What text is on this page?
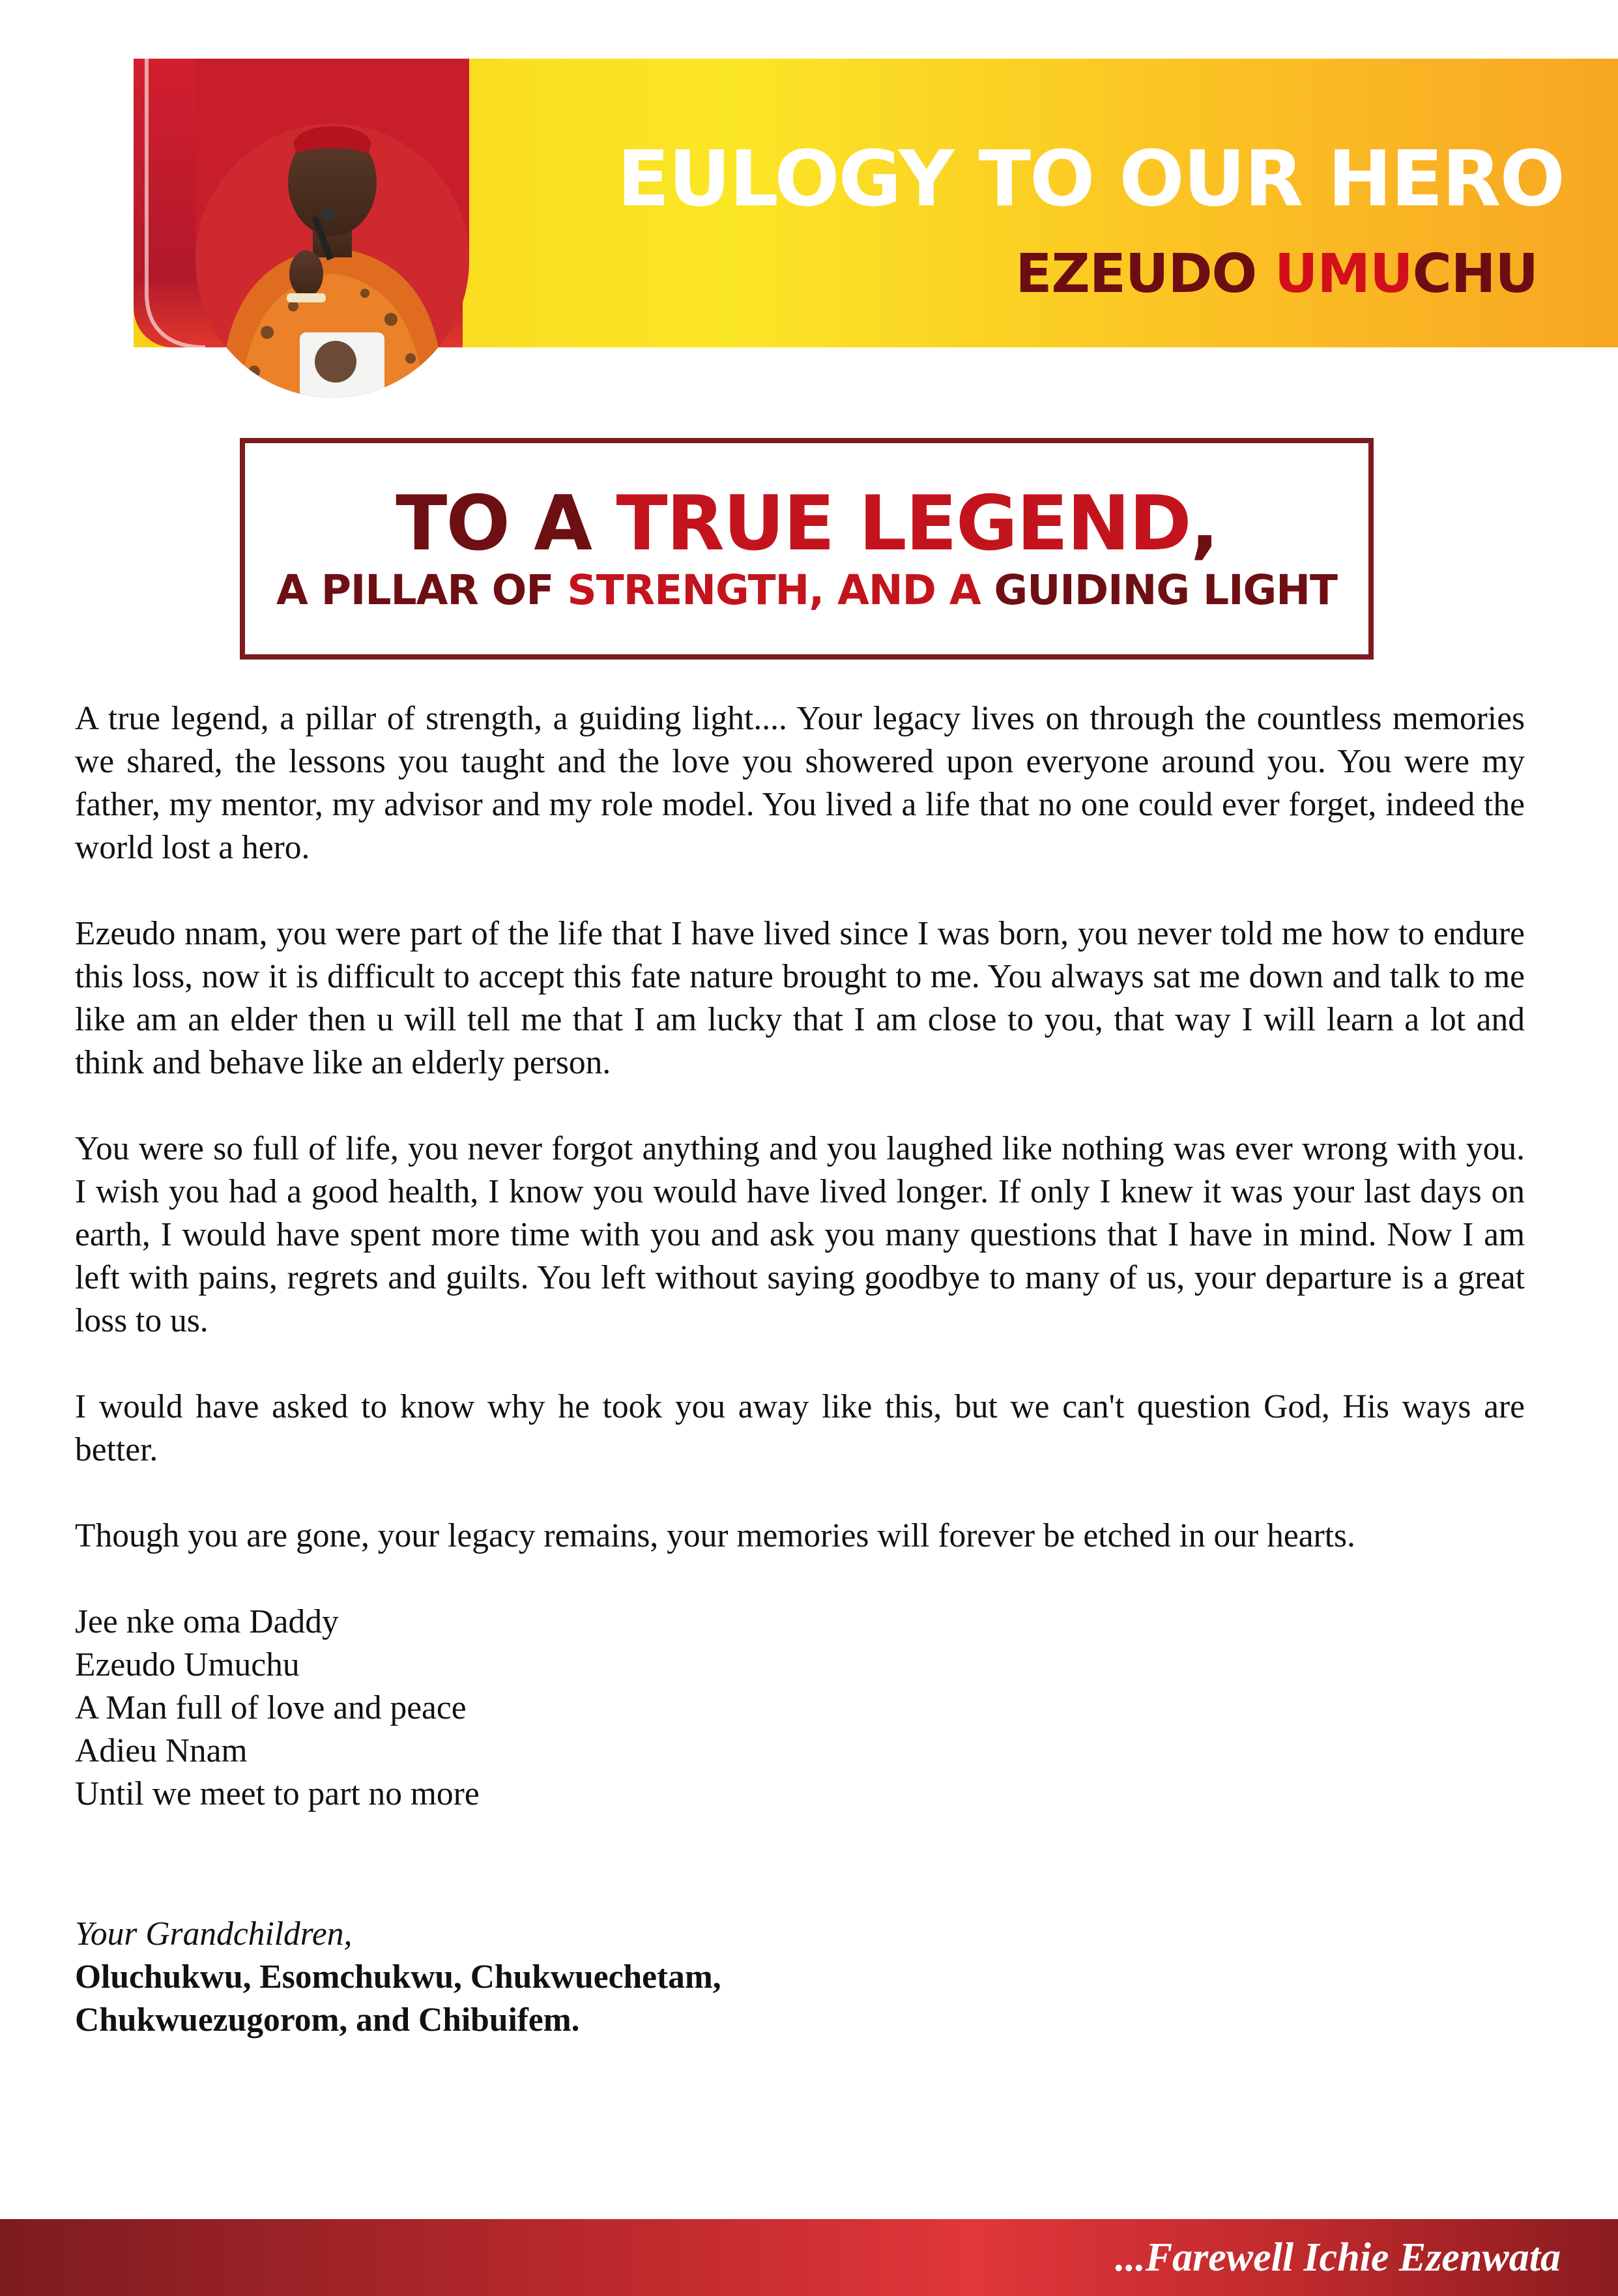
EULOGY TO OUR HERO
EZEUDO UMUCHU
TO A TRUE LEGEND,
A PILLAR OF STRENGTH, AND A GUIDING LIGHT

A true legend, a pillar of strength, a guiding light.... Your legacy lives on through the countless memories we shared, the lessons you taught and the love you showered upon everyone around you. You were my father, my mentor, my advisor and my role model. You lived a life that no one could ever forget, indeed the world lost a hero.

Ezeudo nnam, you were part of the life that I have lived since I was born, you never told me how to endure this loss, now it is difficult to accept this fate nature brought to me. You always sat me down and talk to me like am an elder then u will tell me that I am lucky that I am close to you, that way I will learn a lot and think and behave like an elderly person.

You were so full of life, you never forgot anything and you laughed like nothing was ever wrong with you. I wish you had a good health, I know you would have lived longer. If only I knew it was your last days on earth, I would have spent more time with you and ask you many questions that I have in mind. Now I am left with pains, regrets and guilts. You left without saying goodbye to many of us, your departure is a great loss to us.

I would have asked to know why he took you away like this, but we can't question God, His ways are better.

Though you are gone, your legacy remains, your memories will forever be etched in our hearts.

Jee nke oma Daddy

Ezeudo Umuchu

A Man full of love and peace

Adieu Nnam

Until we meet to part no more

Your Grandchildren,

Oluchukwu, Esomchukwu, Chukwuechetam,

Chukwuezugorom, and Chibuifem.

...Farewell Ichie Ezenwata
